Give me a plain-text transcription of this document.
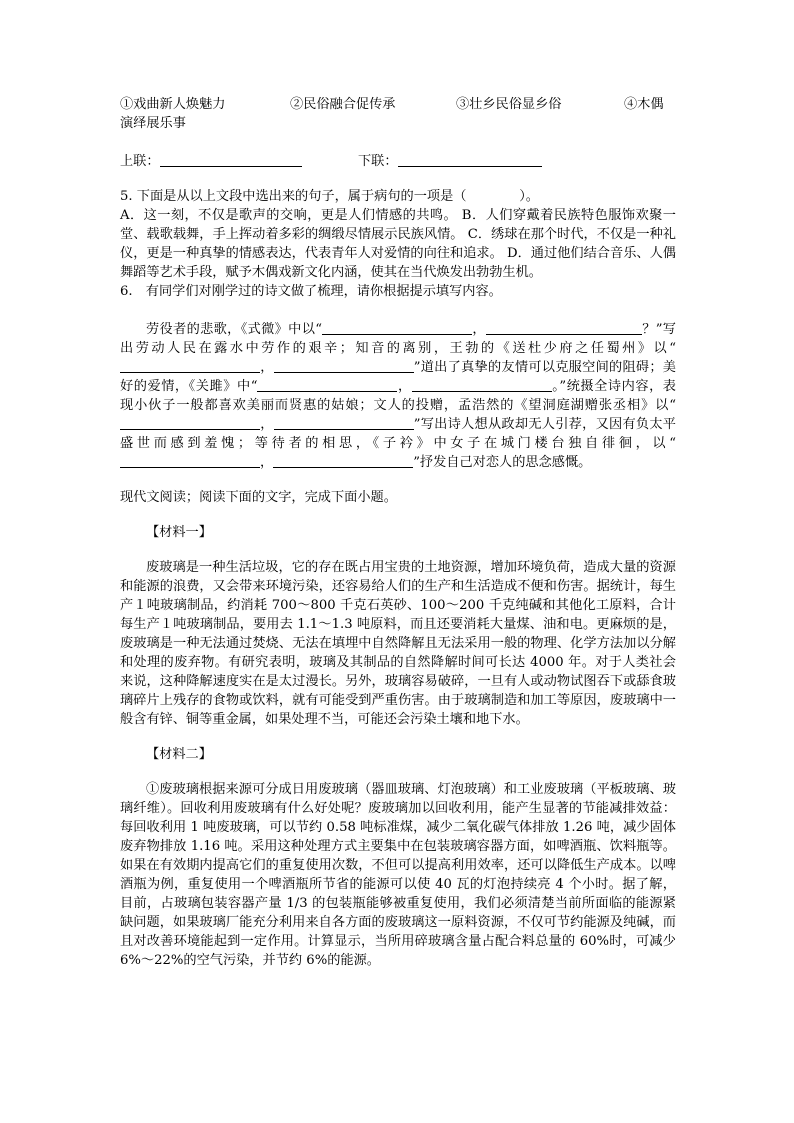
①戏曲新人焕魅力	②民俗融合促传承	③壮乡民俗显乡俗	④木偶

演绎展乐事

上联：	下联：

5. 下面是从以上文段中选出来的句子，属于病句的一项是（　　　　）。

A．这一刻，不仅是歌声的交响，更是人们情感的共鸣。 B．人们穿戴着民族特色服饰欢聚一堂、载歌载舞，手上挥动着多彩的绸缎尽情展示民族风情。 C．绣球在那个时代，不仅是一种礼仪，更是一种真挚的情感表达，代表青年人对爱情的向往和追求。 D．通过他们结合音乐、人偶舞蹈等艺术手段，赋予木偶戏新文化内涵，使其在当代焕发出勃勃生机。

6.　有同学们对刚学过的诗文做了梳理，请你根据提示填写内容。

劳役者的悲歌，《式微》中以“	，	？”写出劳动人民在露水中劳作的艰辛；知音的离别，王勃的《送杜少府之任蜀州》以“，	”道出了真挚的友情可以克服空间的阻碍；美好的爱情，《关雎》中“	，	。”统摄全诗内容，表现小伙子一般都喜欢美丽而贤惠的姑娘；文人的投赠，孟浩然的《望洞庭湖赠张丞相》以“，	”写出诗人想从政却无人引荐，又因有负太平盛世而感到羞愧；等待者的相思，《子衿》中女子在城门楼台独自徘徊，以“，	”抒发自己对恋人的思念感慨。

现代文阅读；阅读下面的文字，完成下面小题。

【材料一】

废玻璃是一种生活垃圾，它的存在既占用宝贵的土地资源，增加环境负荷，造成大量的资源和能源的浪费，又会带来环境污染，还容易给人们的生产和生活造成不便和伤害。据统计，每生产１吨玻璃制品，约消耗 700～800 千克石英砂、100～200 千克纯碱和其他化工原料，合计每生产１吨玻璃制品，要用去 1.1～1.3 吨原料，而且还要消耗大量煤、油和电。更麻烦的是，废玻璃是一种无法通过焚烧、无法在填埋中自然降解且无法采用一般的物理、化学方法加以分解和处理的废弃物。有研究表明，玻璃及其制品的自然降解时间可长达 4000 年。对于人类社会来说，这种降解速度实在是太过漫长。另外，玻璃容易破碎，一旦有人或动物试图吞下或舔食玻璃碎片上残存的食物或饮料，就有可能受到严重伤害。由于玻璃制造和加工等原因，废玻璃中一般含有锌、铜等重金属，如果处理不当，可能还会污染土壤和地下水。

【材料二】

①废玻璃根据来源可分成日用废玻璃（器皿玻璃、灯泡玻璃）和工业废玻璃（平板玻璃、玻璃纤维）。回收利用废玻璃有什么好处呢？废玻璃加以回收利用，能产生显著的节能减排效益：每回收利用 1 吨废玻璃，可以节约 0.58 吨标准煤，减少二氧化碳气体排放 1.26 吨，减少固体废弃物排放 1.16 吨。采用这种处理方式主要集中在包装玻璃容器方面，如啤酒瓶、饮料瓶等。如果在有效期内提高它们的重复使用次数，不但可以提高利用效率，还可以降低生产成本。以啤酒瓶为例，重复使用一个啤酒瓶所节省的能源可以使 40 瓦的灯泡持续亮 4 个小时。据了解，目前，占玻璃包装容器产量 1/3 的包装瓶能够被重复使用，我们必须清楚当前所面临的能源紧缺问题，如果玻璃厂能充分利用来自各方面的废玻璃这一原料资源，不仅可节约能源及纯碱，而且对改善环境能起到一定作用。计算显示，当所用碎玻璃含量占配合料总量的 60%时，可减少 6%～22%的空气污染，并节约 6%的能源。
